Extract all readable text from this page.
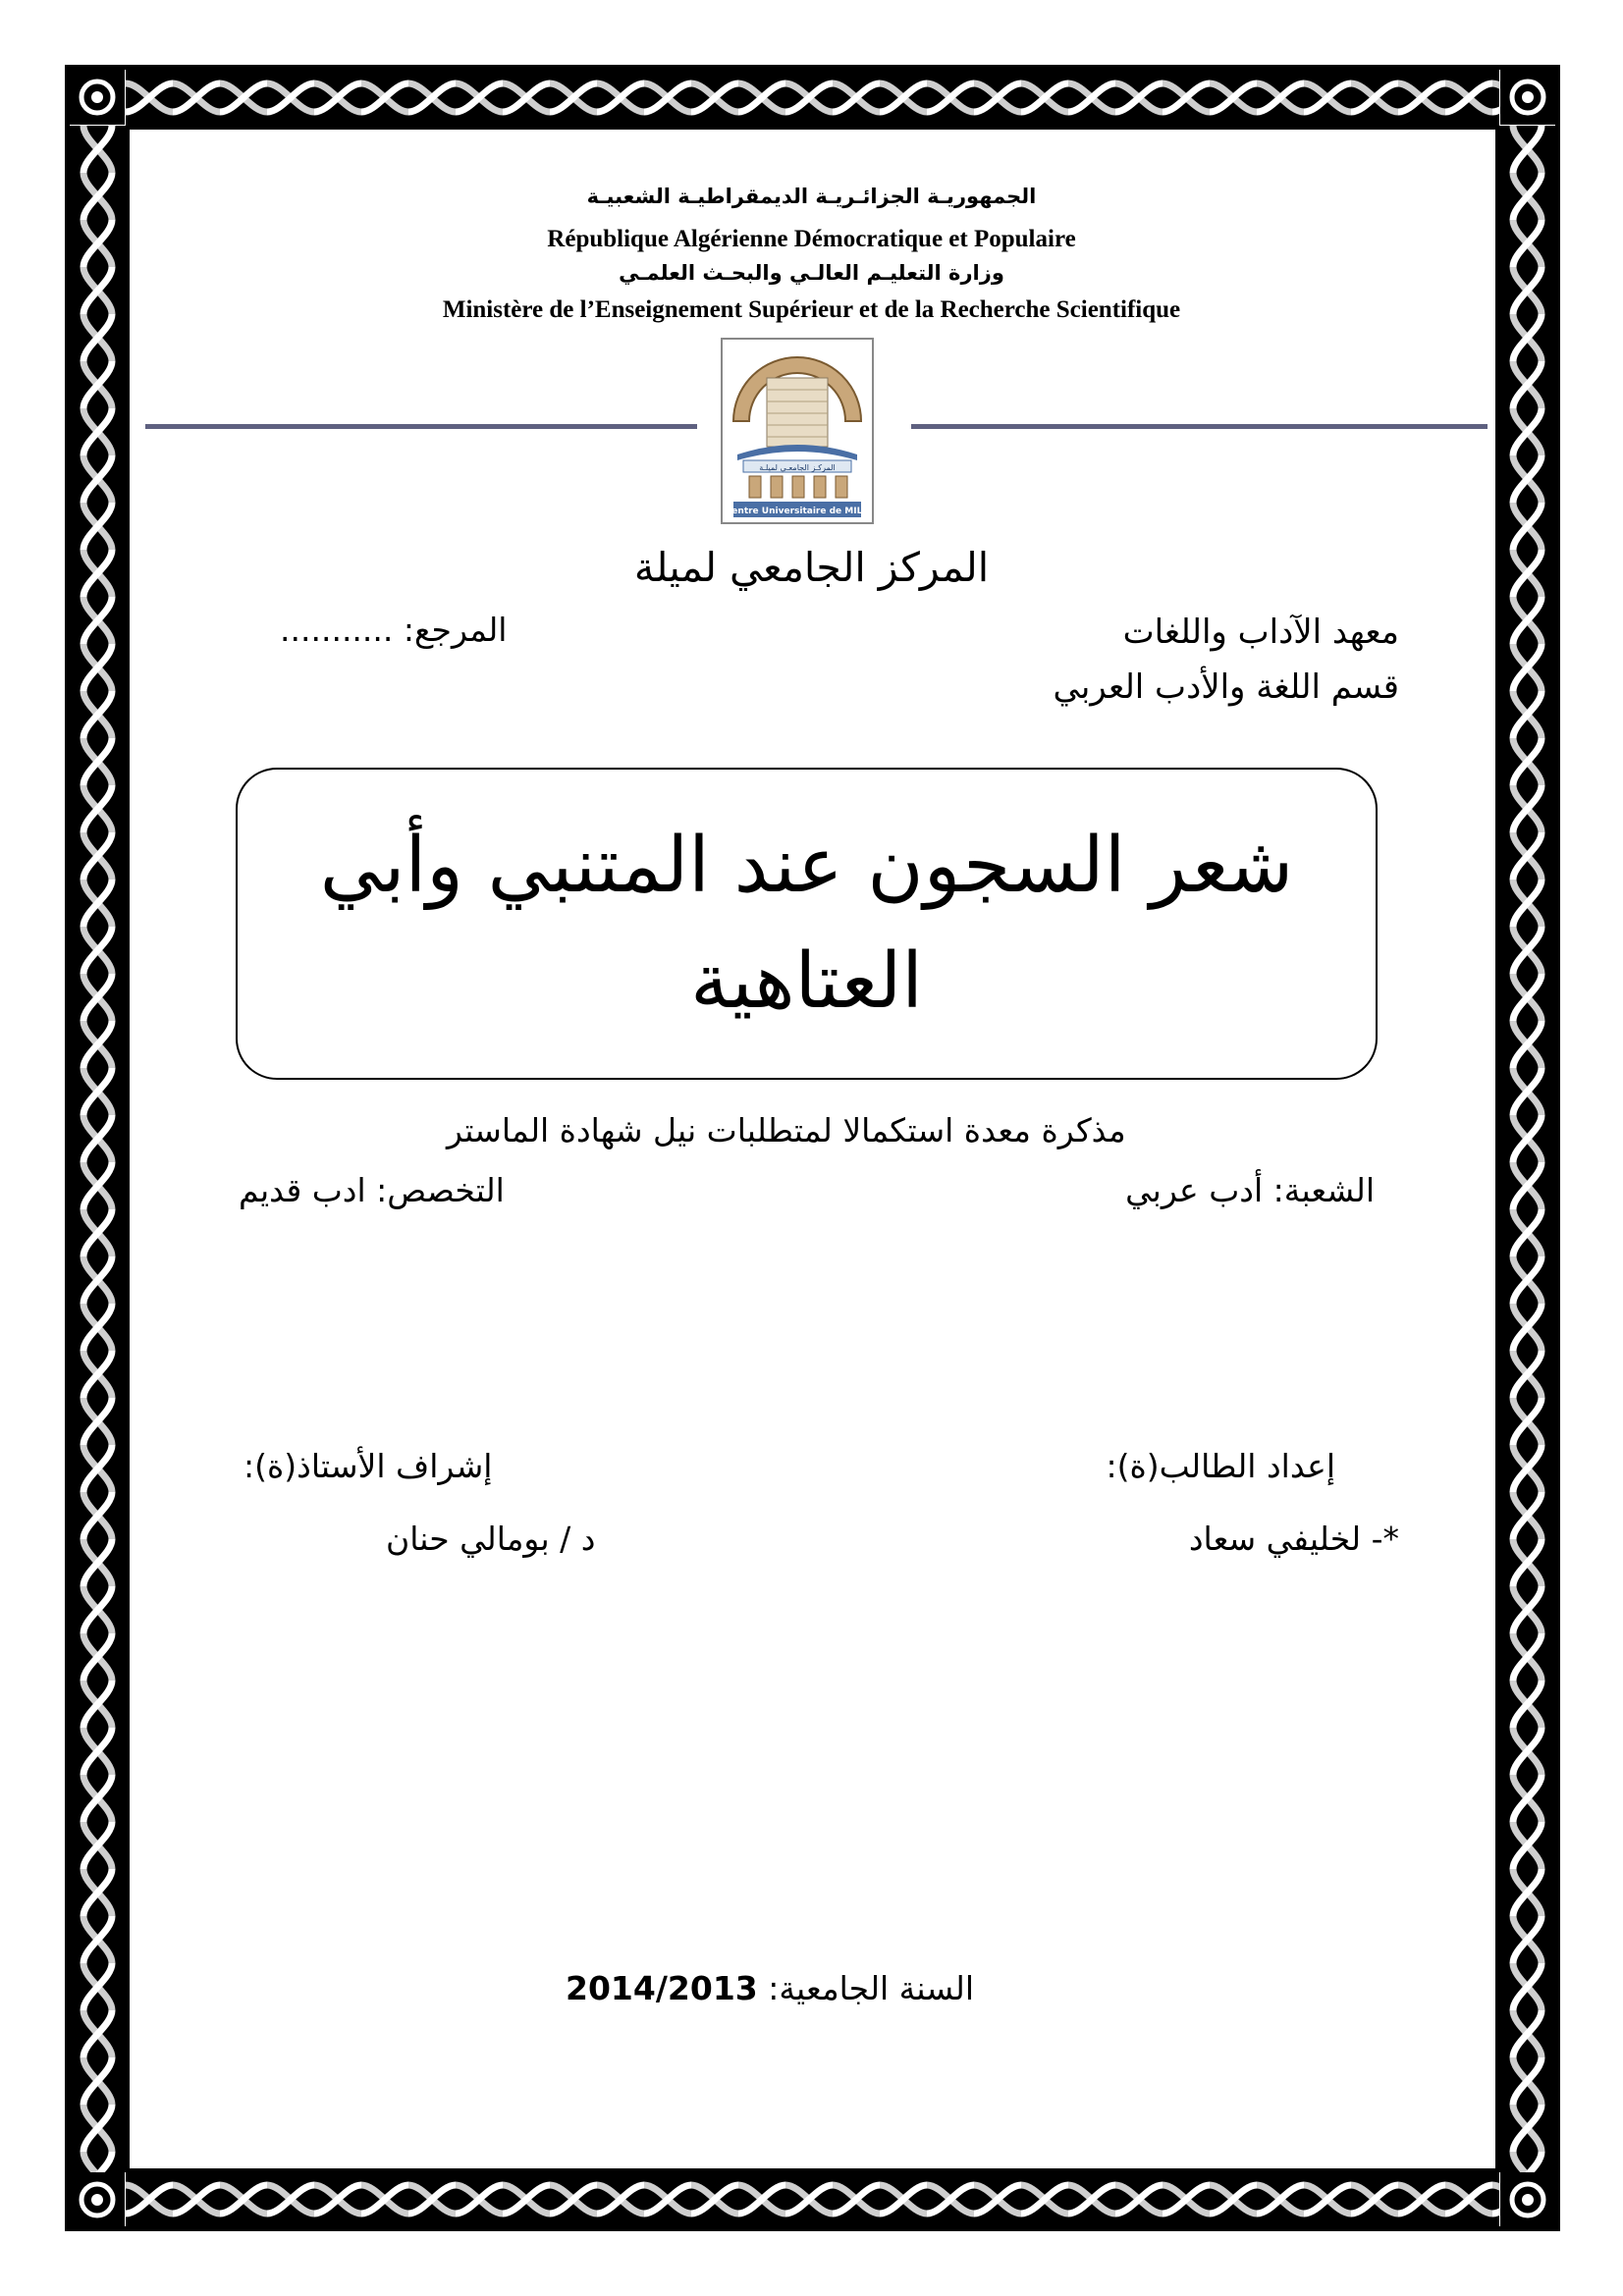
الجمهوريـة الجزائـريـة الديمقراطيـة الشعبيـة
République Algérienne Démocratique et Populaire
وزارة التعليـم العالـي والبحـث العلمـي
Ministère de l’Enseignement Supérieur et de la Recherche Scientifique
المركـز الجامعـي لميلـة
Centre Universitaire de MILA
المركز الجامعي لميلة
معهد الآداب واللغات
المرجع: ...........
قسم اللغة والأدب العربي
شعر السجون عند المتنبي وأبي العتاهية
مذكرة معدة استكمالا لمتطلبات نيل شهادة الماستر
الشعبة: أدب عربي
التخصص: ادب قديم
إعداد الطالب(ة):
إشراف الأستاذ(ة):
*- لخليفي سعاد
د / بومالي حنان
السنة الجامعية: 2014/2013
